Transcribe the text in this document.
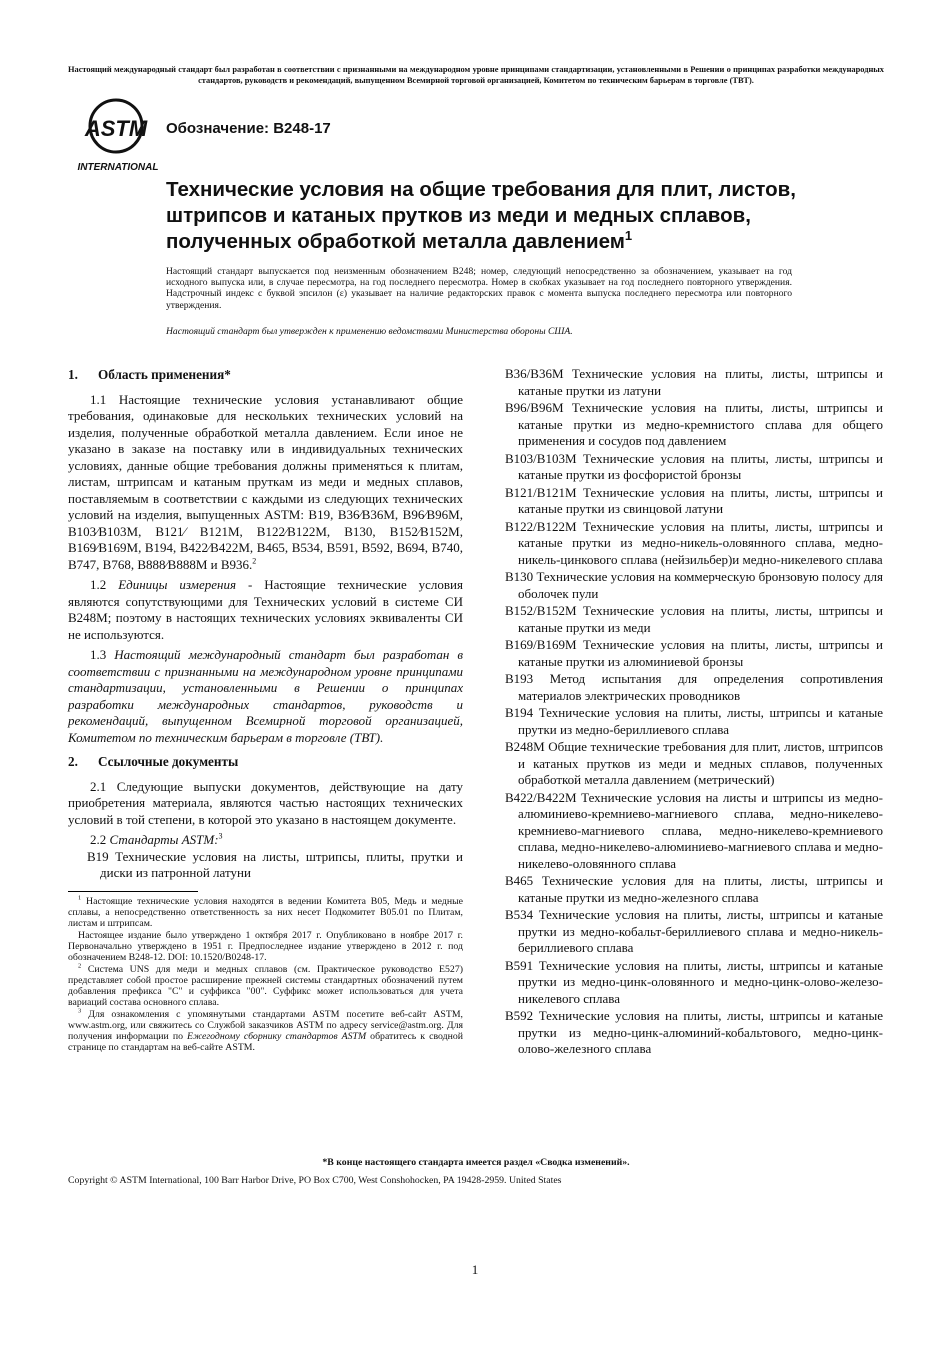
Настоящий международный стандарт был разработан в соответствии с признанными на международном уровне принципами стандартизации, установленными в Решении о принципах разработки международных стандартов, руководств и рекомендаций, выпущенном Всемирной торговой организацией, Комитетом по техническим барьерам в торговле (ТВТ).
ASTM
INTERNATIONAL
Обозначение: B248-17
Технические условия на общие требования для плит, листов, штрипсов и катаных прутков из меди и медных сплавов, полученных обработкой металла давлением$^1$

Настоящий стандарт выпускается под неизменным обозначением B248; номер, следующий непосредственно за обозначением, указывает на год исходного выпуска или, в случае пересмотра, на год последнего пересмотра. Номер в скобках указывает на год последнего повторного утверждения. Надстрочный индекс с буквой эпсилон (ε) указывает на наличие редакторских правок с момента выпуска последнего пересмотра или повторного утверждения.

Настоящий стандарт был утвержден к применению ведомствами Министерства обороны США.

1. Область применения*

1.1 Настоящие технические условия устанавливают общие требования, одинаковые для нескольких технических условий на изделия, полученные обработкой металла давлением. Если иное не указано в заказе на поставку или в индивидуальных технических условиях, данные общие требования должны применяться к плитам, листам, штрипсам и катаным пруткам из меди и медных сплавов, поставляемым в соответствии с каждыми из следующих технических условий на изделия, выпущенных ASTM: B19, B36⁄B36M, B96⁄B96M, B103⁄B103M, B121⁄ B121M, B122⁄B122M, B130, B152⁄B152M, B169⁄B169M, B194, B422⁄B422M, B465, B534, B591, B592, B694, B740, B747, B768, B888⁄B888M и B936.$^2$

1.2 Единицы измерения - Настоящие технические условия являются сопутствующими для Технических условий в системе СИ B248M; поэтому в настоящих технических условиях эквиваленты СИ не используются.

1.3 Настоящий международный стандарт был разработан в соответствии с признанными на международном уровне принципами стандартизации, установленными в Решении о принципах разработки международных стандартов, руководств и рекомендаций, выпущенном Всемирной торговой организацией, Комитетом по техническим барьерам в торговле (ТВТ).

2. Ссылочные документы

2.1 Следующие выпуски документов, действующие на дату приобретения материала, являются частью настоящих технических условий в той степени, в которой это указано в настоящем документе.

2.2 Стандарты ASTM:$^3$

B19 Технические условия на листы, штрипсы, плиты, прутки и диски из патронной латуни

$^1$ Настоящие технические условия находятся в ведении Комитета B05, Медь и медные сплавы, а непосредственно ответственность за них несет Подкомитет B05.01 по Плитам, листам и штрипсам.

Настоящее издание было утверждено 1 октября 2017 г. Опубликовано в ноябре 2017 г. Первоначально утверждено в 1951 г. Предпоследнее издание утверждено в 2012 г. под обозначением B248-12. DOI: 10.1520/B0248-17.

$^2$ Система UNS для меди и медных сплавов (см. Практическое руководство E527) представляет собой простое расширение прежней системы стандартных обозначений путем добавления префикса "C" и суффикса "00". Суффикс может использоваться для учета вариаций состава основного сплава.

$^3$ Для ознакомления с упомянутыми стандартами ASTM посетите веб-сайт ASTM, www.astm.org, или свяжитесь со Службой заказчиков ASTM по адресу service@astm.org. Для получения информации по Ежегодному сборнику стандартов ASTM обратитесь к сводной странице по стандартам на веб-сайте ASTM.

B36/B36M Технические условия на плиты, листы, штрипсы и катаные прутки из латуни

B96/B96M Технические условия на плиты, листы, штрипсы и катаные прутки из медно-кремнистого сплава для общего применения и сосудов под давлением

B103/B103M Технические условия на плиты, листы, штрипсы и катаные прутки из фосфористой бронзы

B121/B121M Технические условия на плиты, листы, штрипсы и катаные прутки из свинцовой латуни

B122/B122M Технические условия на плиты, листы, штрипсы и катаные прутки из медно-никель-оловянного сплава, медно-никель-цинкового сплава (нейзильбер)и медно-никелевого сплава

B130 Технические условия на коммерческую бронзовую полосу для оболочек пули

B152/B152M Технические условия на плиты, листы, штрипсы и катаные прутки из меди

B169/B169M Технические условия на плиты, листы, штрипсы и катаные прутки из алюминиевой бронзы

B193 Метод испытания для определения сопротивления материалов электрических проводников

B194 Технические условия на плиты, листы, штрипсы и катаные прутки из медно-бериллиевого сплава

B248M Общие технические требования для плит, листов, штрипсов и катаных прутков из меди и медных сплавов, полученных обработкой металла давлением (метрический)

B422/B422M Технические условия на листы и штрипсы из медно-алюминиево-кремниево-магниевого сплава, медно-никелево-кремниево-магниевого сплава, медно-никелево-кремниевого сплава, медно-никелево-алюминиево-магниевого сплава и медно-никелево-оловянного сплава

B465 Технические условия для на плиты, листы, штрипсы и катаные прутки из медно-железного сплава

B534 Технические условия на плиты, листы, штрипсы и катаные прутки из медно-кобальт-бериллиевого сплава и медно-никель-бериллиевого сплава

B591 Технические условия на плиты, листы, штрипсы и катаные прутки из медно-цинк-оловянного и медно-цинк-олово-железо-никелевого сплава

B592 Технические условия на плиты, листы, штрипсы и катаные прутки из медно-цинк-алюминий-кобальтового, медно-цинк-олово-железного сплава

*В конце настоящего стандарта имеется раздел «Сводка изменений».
Copyright © ASTM International, 100 Barr Harbor Drive, PO Box C700, West Conshohocken, PA 19428-2959. United States
1
